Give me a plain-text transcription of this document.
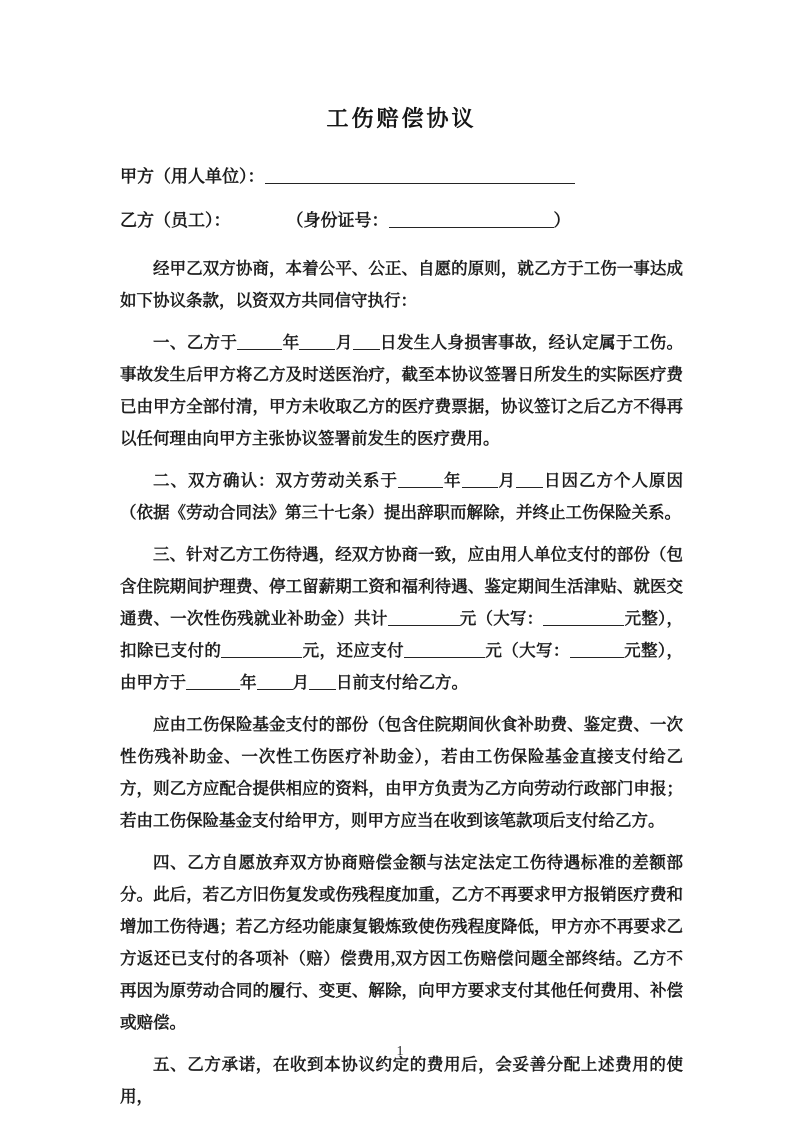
工伤赔偿协议
甲方（用人单位）：
乙方（员工）：	（身份证号：	）

经甲乙双方协商，本着公平、公正、自愿的原则，就乙方于工伤一事达成如下协议条款，以资双方共同信守执行：

一、乙方于	年 月 日发生人身损害事故，经认定属于工伤。事故发生后甲方将乙方及时送医治疗，截至本协议签署日所发生的实际医疗费已由甲方全部付清，甲方未收取乙方的医疗费票据，协议签订之后乙方不得再以任何理由向甲方主张协议签署前发生的医疗费用。

二、双方确认：双方劳动关系于	年 月 日因乙方个人原因（依据《劳动合同法》第三十七条）提出辞职而解除，并终止工伤保险关系。

三、针对乙方工伤待遇，经双方协商一致，应由用人单位支付的部份（包含住院期间护理费、停工留薪期工资和福利待遇、鉴定期间生活津贴、就医交通费、一次性伤残就业补助金）共计	元（大写：	元整），扣除已支付的	元，还应支付	元（大写：	元整），由甲方于	年 月 日前支付给乙方。

应由工伤保险基金支付的部份（包含住院期间伙食补助费、鉴定费、一次性伤残补助金、一次性工伤医疗补助金），若由工伤保险基金直接支付给乙方，则乙方应配合提供相应的资料，由甲方负责为乙方向劳动行政部门申报；若由工伤保险基金支付给甲方，则甲方应当在收到该笔款项后支付给乙方。

四、乙方自愿放弃双方协商赔偿金额与法定法定工伤待遇标准的差额部分。此后，若乙方旧伤复发或伤残程度加重，乙方不再要求甲方报销医疗费和增加工伤待遇；若乙方经功能康复锻炼致使伤残程度降低，甲方亦不再要求乙方返还已支付的各项补（赔）偿费用,双方因工伤赔偿问题全部终结。乙方不再因为原劳动合同的履行、变更、解除，向甲方要求支付其他任何费用、补偿或赔偿。

五、乙方承诺，在收到本协议约定的费用后，会妥善分配上述费用的使用，

1
